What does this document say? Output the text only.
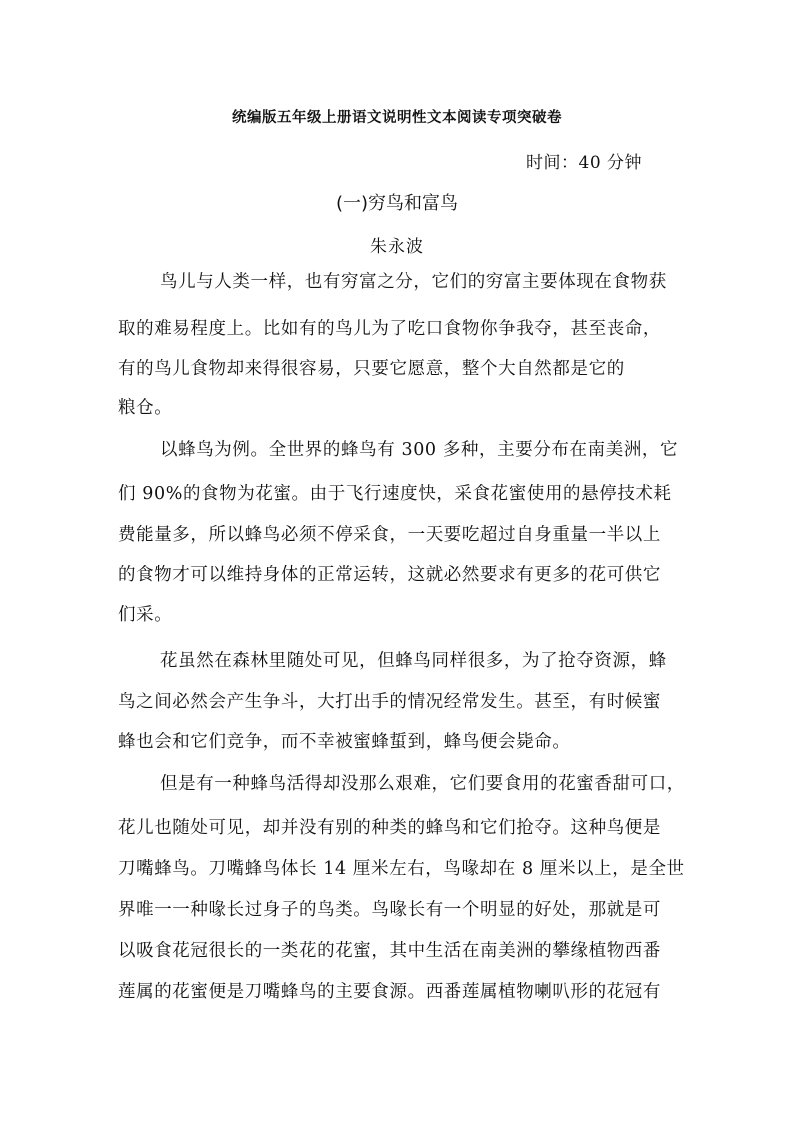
统编版五年级上册语文说明性文本阅读专项突破卷
时间：40 分钟
(一)穷鸟和富鸟
朱永波
鸟儿与人类一样，也有穷富之分，它们的穷富主要体现在食物获
取的难易程度上。比如有的鸟儿为了吃口食物你争我夺，甚至丧命，
有的鸟儿食物却来得很容易，只要它愿意，整个大自然都是它的
粮仓。
以蜂鸟为例。全世界的蜂鸟有 300 多种，主要分布在南美洲，它
们 90%的食物为花蜜。由于飞行速度快，采食花蜜使用的悬停技术耗
费能量多，所以蜂鸟必须不停采食，一天要吃超过自身重量一半以上
的食物才可以维持身体的正常运转，这就必然要求有更多的花可供它
们采。
花虽然在森林里随处可见，但蜂鸟同样很多，为了抢夺资源，蜂
鸟之间必然会产生争斗，大打出手的情况经常发生。甚至，有时候蜜
蜂也会和它们竞争，而不幸被蜜蜂蜇到，蜂鸟便会毙命。
但是有一种蜂鸟活得却没那么艰难，它们要食用的花蜜香甜可口，
花儿也随处可见，却并没有别的种类的蜂鸟和它们抢夺。这种鸟便是
刀嘴蜂鸟。刀嘴蜂鸟体长 14 厘米左右，鸟喙却在 8 厘米以上，是全世
界唯一一种喙长过身子的鸟类。鸟喙长有一个明显的好处，那就是可
以吸食花冠很长的一类花的花蜜，其中生活在南美洲的攀缘植物西番
莲属的花蜜便是刀嘴蜂鸟的主要食源。西番莲属植物喇叭形的花冠有
